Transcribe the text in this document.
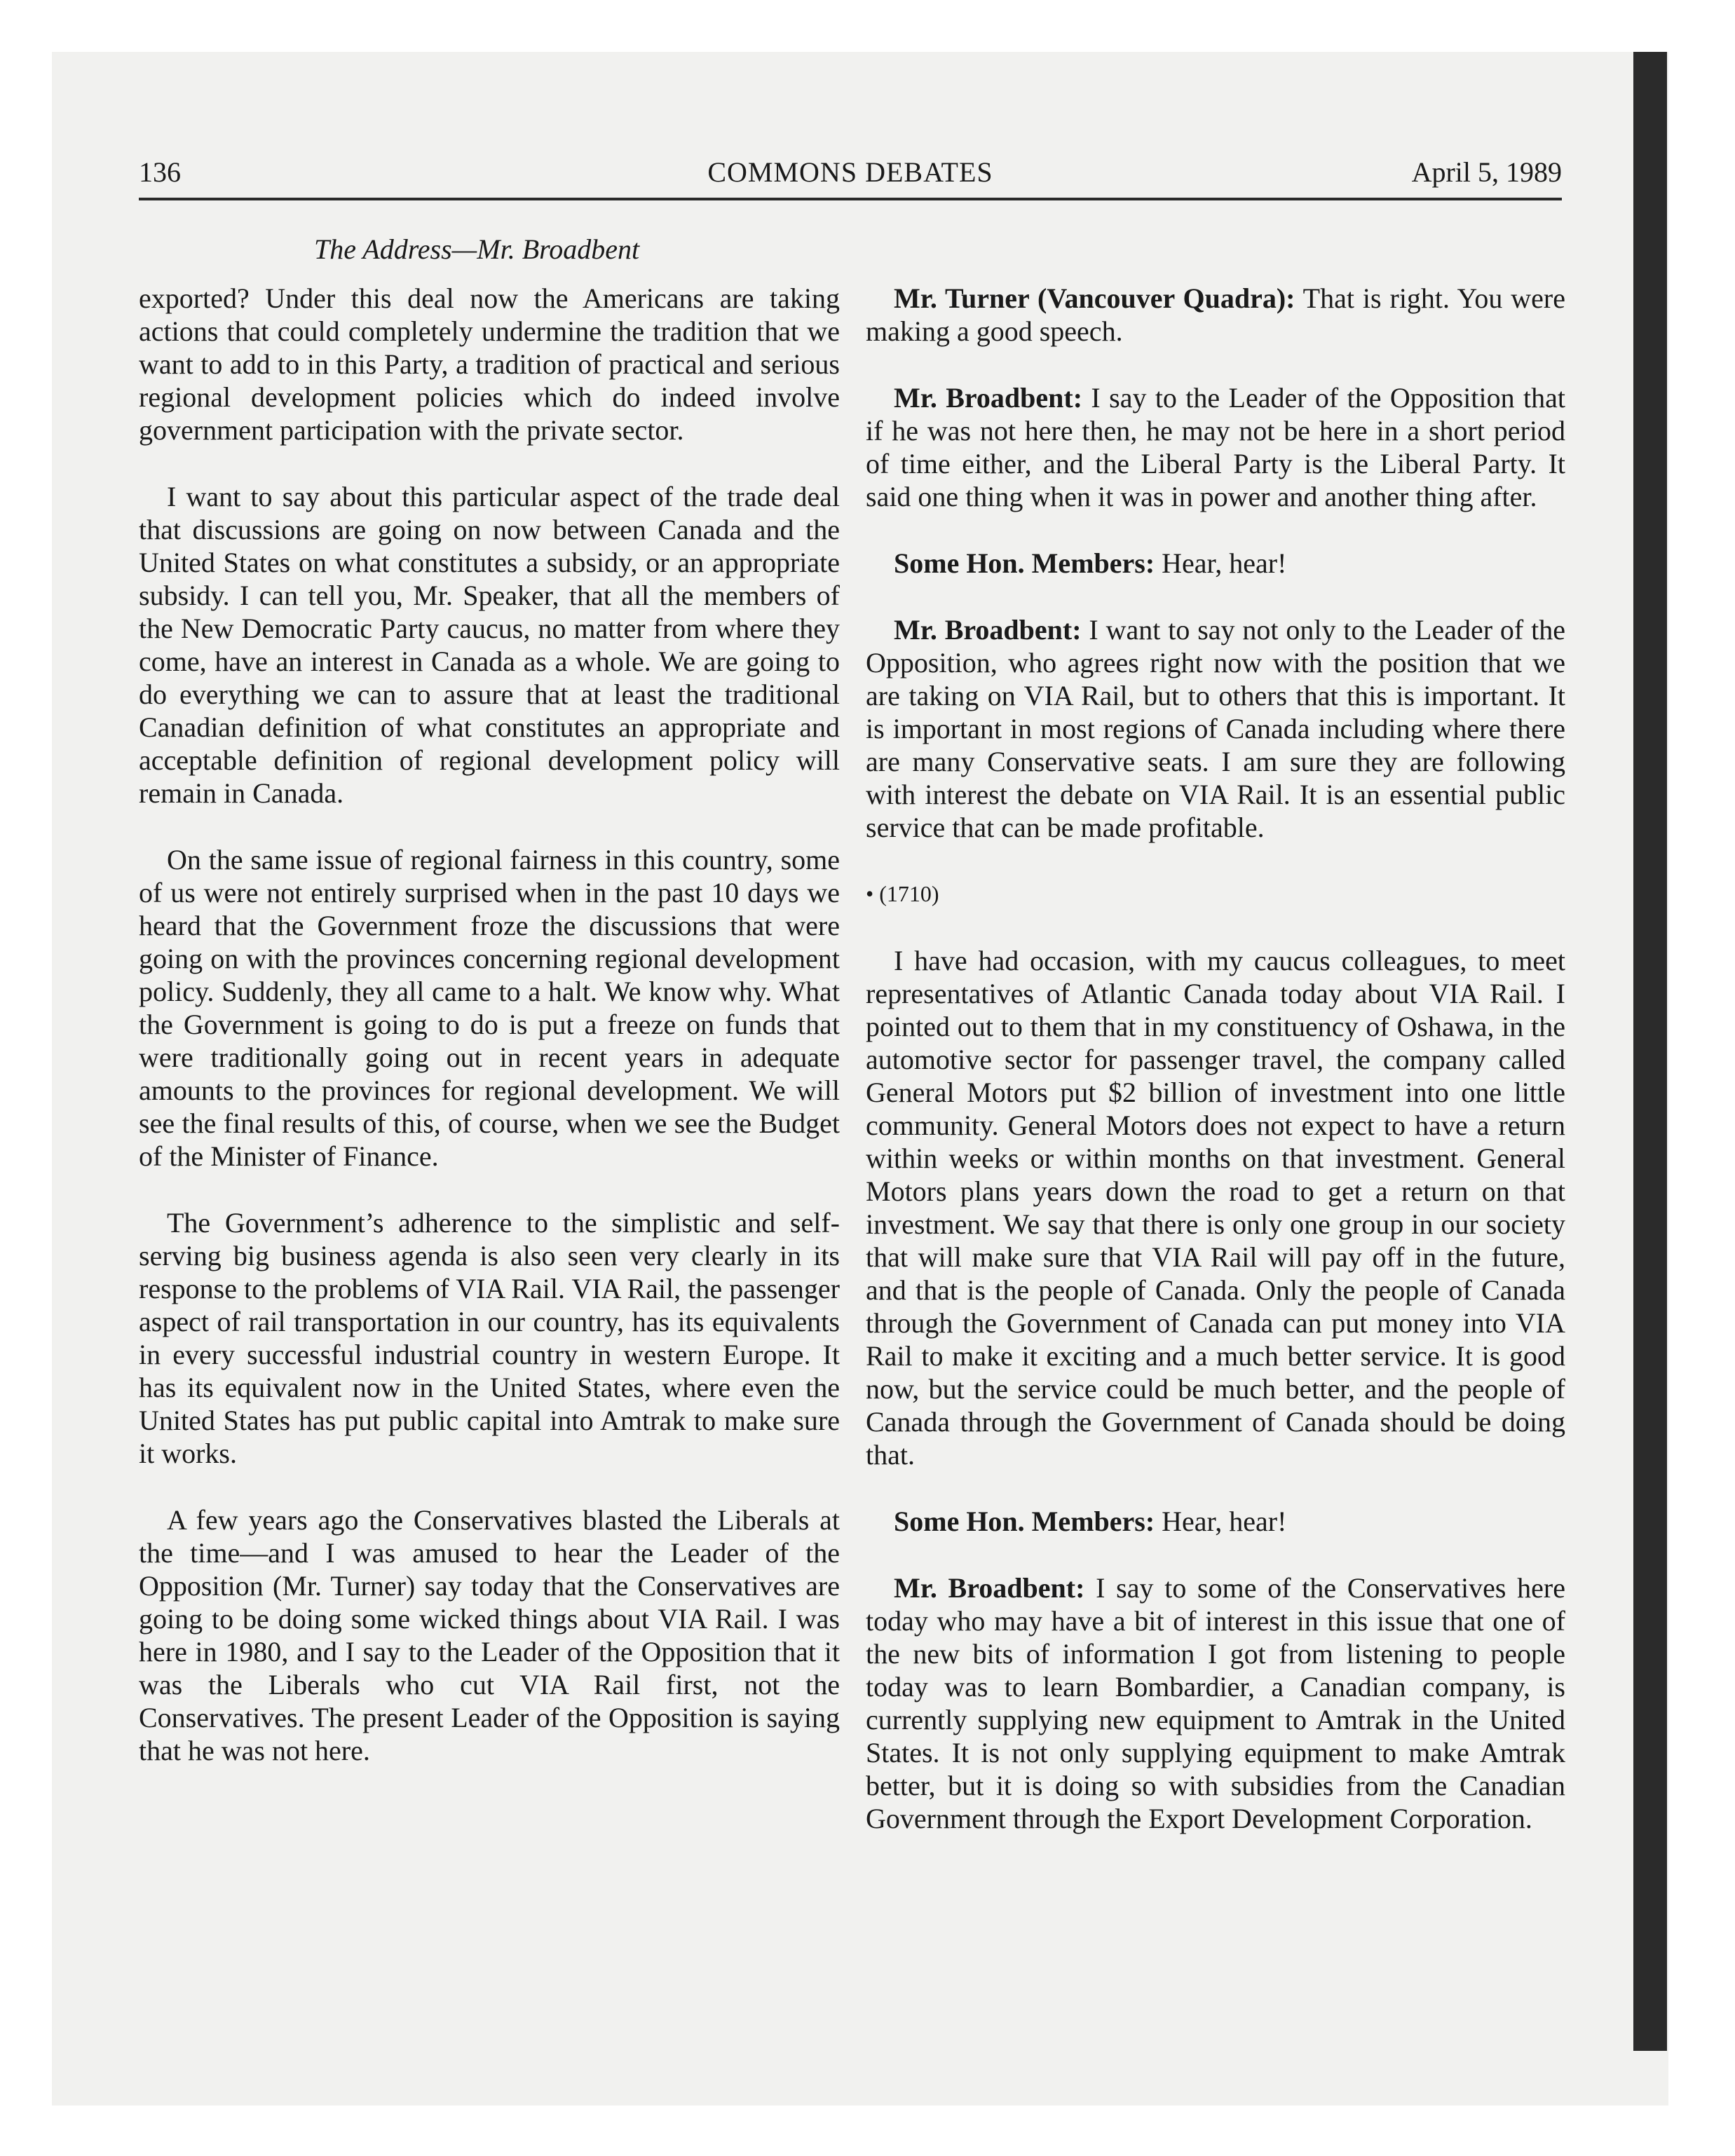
136	COMMONS DEBATES	April 5, 1989
The Address—Mr. Broadbent

exported? Under this deal now the Americans are taking actions that could completely undermine the tradition that we want to add to in this Party, a tradition of practical and serious regional development policies which do indeed involve government participation with the private sector.

I want to say about this particular aspect of the trade deal that discussions are going on now between Canada and the United States on what constitutes a subsidy, or an appropriate subsidy. I can tell you, Mr. Speaker, that all the members of the New Democratic Party caucus, no matter from where they come, have an interest in Canada as a whole. We are going to do everything we can to assure that at least the traditional Canadian definition of what constitutes an appropriate and acceptable definition of regional development policy will remain in Canada.

On the same issue of regional fairness in this country, some of us were not entirely surprised when in the past 10 days we heard that the Government froze the discussions that were going on with the provinces concerning regional development policy. Suddenly, they all came to a halt. We know why. What the Government is going to do is put a freeze on funds that were traditionally going out in recent years in adequate amounts to the provinces for regional development. We will see the final results of this, of course, when we see the Budget of the Minister of Finance.

The Government’s adherence to the simplistic and self-serving big business agenda is also seen very clearly in its response to the problems of VIA Rail. VIA Rail, the passenger aspect of rail transportation in our country, has its equivalents in every successful industrial country in western Europe. It has its equivalent now in the United States, where even the United States has put public capital into Amtrak to make sure it works.

A few years ago the Conservatives blasted the Liberals at the time—and I was amused to hear the Leader of the Opposition (Mr. Turner) say today that the Conservatives are going to be doing some wicked things about VIA Rail. I was here in 1980, and I say to the Leader of the Opposition that it was the Liberals who cut VIA Rail first, not the Conservatives. The present Leader of the Opposition is saying that he was not here.

Mr. Turner (Vancouver Quadra): That is right. You were making a good speech.

Mr. Broadbent: I say to the Leader of the Opposition that if he was not here then, he may not be here in a short period of time either, and the Liberal Party is the Liberal Party. It said one thing when it was in power and another thing after.

Some Hon. Members: Hear, hear!

Mr. Broadbent: I want to say not only to the Leader of the Opposition, who agrees right now with the position that we are taking on VIA Rail, but to others that this is important. It is important in most regions of Canada including where there are many Conservative seats. I am sure they are following with interest the debate on VIA Rail. It is an essential public service that can be made profitable.

• (1710)

I have had occasion, with my caucus colleagues, to meet representatives of Atlantic Canada today about VIA Rail. I pointed out to them that in my constituency of Oshawa, in the automotive sector for passenger travel, the company called General Motors put $2 billion of investment into one little community. General Motors does not expect to have a return within weeks or within months on that investment. General Motors plans years down the road to get a return on that investment. We say that there is only one group in our society that will make sure that VIA Rail will pay off in the future, and that is the people of Canada. Only the people of Canada through the Government of Canada can put money into VIA Rail to make it exciting and a much better service. It is good now, but the service could be much better, and the people of Canada through the Government of Canada should be doing that.

Some Hon. Members: Hear, hear!

Mr. Broadbent: I say to some of the Conservatives here today who may have a bit of interest in this issue that one of the new bits of information I got from listening to people today was to learn Bombardier, a Canadian company, is currently supplying new equipment to Amtrak in the United States. It is not only supplying equipment to make Amtrak better, but it is doing so with subsidies from the Canadian Government through the Export Development Corporation.
